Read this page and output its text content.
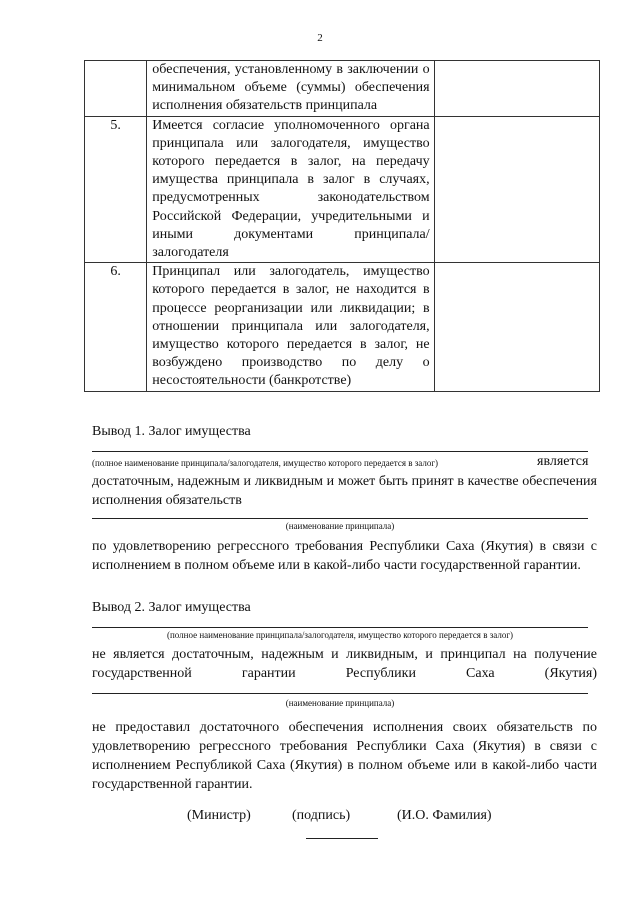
2

	обеспечения, установленному в заключении о минимальном объеме (суммы) обеспечения исполнения обязательств принципала	

5.	Имеется согласие уполномоченного органа принципала или залогодателя, имущество которого передается в залог, на передачу имущества принципала в залог в случаях, предусмотренных законодательством Российской Федерации, учредительными и иными документами принципала/залогодателя	

6.	Принципал или залогодатель, имущество которого передается в залог, не находится в процессе реорганизации или ликвидации; в отношении принципала или залогодателя, имущество которого передается в залог, не возбуждено производство по делу о несостоятельности (банкротстве)	

Вывод 1. Залог имущества

(полное наименование принципала/залогодателя, имущество которого передается в залог)	является

достаточным, надежным и ликвидным и может быть принят в качестве обеспечения исполнения обязательств

(наименование принципала)

по удовлетворению регрессного требования Республики Саха (Якутия) в связи с исполнением в полном объеме или в какой-либо части государственной гарантии.

Вывод 2. Залог имущества

(полное наименование принципала/залогодателя, имущество которого передается в залог)

не является достаточным, надежным и ликвидным, и принципал на получение государственной гарантии Республики Саха (Якутия)

(наименование принципала)

не предоставил достаточного обеспечения исполнения своих обязательств по удовлетворению регрессного требования Республики Саха (Якутия) в связи с исполнением Республикой Саха (Якутия) в полном объеме или в какой-либо части государственной гарантии.

(Министр)	(подпись)	(И.О. Фамилия)
